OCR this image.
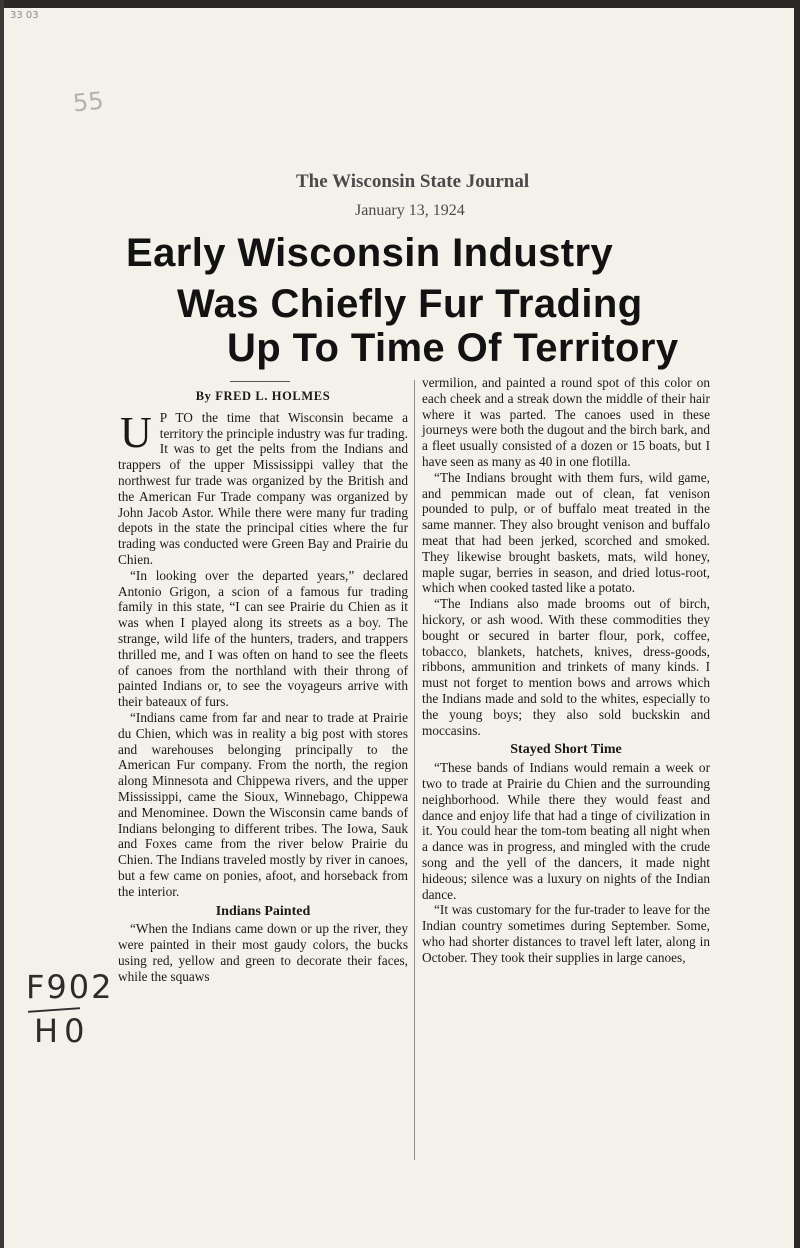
33 03
55
F902
H0
The Wisconsin State Journal
January 13, 1924
Early Wisconsin Industry
Was Chiefly Fur Trading
Up To Time Of Territory
By FRED L. HOLMES

U P TO the time that Wisconsin became a territory the principle industry was fur trading. It was to get the pelts from the Indians and trappers of the upper Mississippi valley that the northwest fur trade was organized by the British and the American Fur Trade company was organized by John Jacob Astor. While there were many fur trading depots in the state the principal cities where the fur trading was conducted were Green Bay and Prairie du Chien.

“In looking over the departed years,” declared Antonio Grigon, a scion of a famous fur trading family in this state, “I can see Prairie du Chien as it was when I played along its streets as a boy. The strange, wild life of the hunters, traders, and trappers thrilled me, and I was often on hand to see the fleets of canoes from the northland with their throng of painted Indians or, to see the voyageurs arrive with their bateaux of furs.

“Indians came from far and near to trade at Prairie du Chien, which was in reality a big post with stores and warehouses belonging principally to the American Fur company. From the north, the region along Minnesota and Chippewa rivers, and the upper Mississippi, came the Sioux, Winnebago, Chippewa and Menominee. Down the Wisconsin came bands of Indians belonging to different tribes. The Iowa, Sauk and Foxes came from the river below Prairie du Chien. The Indians traveled mostly by river in canoes, but a few came on ponies, afoot, and horseback from the interior.

Indians Painted

“When the Indians came down or up the river, they were painted in their most gaudy colors, the bucks using red, yellow and green to decorate their faces, while the squaws

vermilion, and painted a round spot of this color on each cheek and a streak down the middle of their hair where it was parted. The canoes used in these journeys were both the dugout and the birch bark, and a fleet usually consisted of a dozen or 15 boats, but I have seen as many as 40 in one flotilla.

“The Indians brought with them furs, wild game, and pemmican made out of clean, fat venison pounded to pulp, or of buffalo meat treated in the same manner. They also brought venison and buffalo meat that had been jerked, scorched and smoked. They likewise brought baskets, mats, wild honey, maple sugar, berries in season, and dried lotus-root, which when cooked tasted like a potato.

“The Indians also made brooms out of birch, hickory, or ash wood. With these commodities they bought or secured in barter flour, pork, coffee, tobacco, blankets, hatchets, knives, dress-goods, ribbons, ammunition and trinkets of many kinds. I must not forget to mention bows and arrows which the Indians made and sold to the whites, especially to the young boys; they also sold buckskin and moccasins.

Stayed Short Time

“These bands of Indians would remain a week or two to trade at Prairie du Chien and the surrounding neighborhood. While there they would feast and dance and enjoy life that had a tinge of civilization in it. You could hear the tom-tom beating all night when a dance was in progress, and mingled with the crude song and the yell of the dancers, it made night hideous; silence was a luxury on nights of the Indian dance.

“It was customary for the fur-trader to leave for the Indian country sometimes during September. Some, who had shorter distances to travel left later, along in October. They took their supplies in large canoes,
